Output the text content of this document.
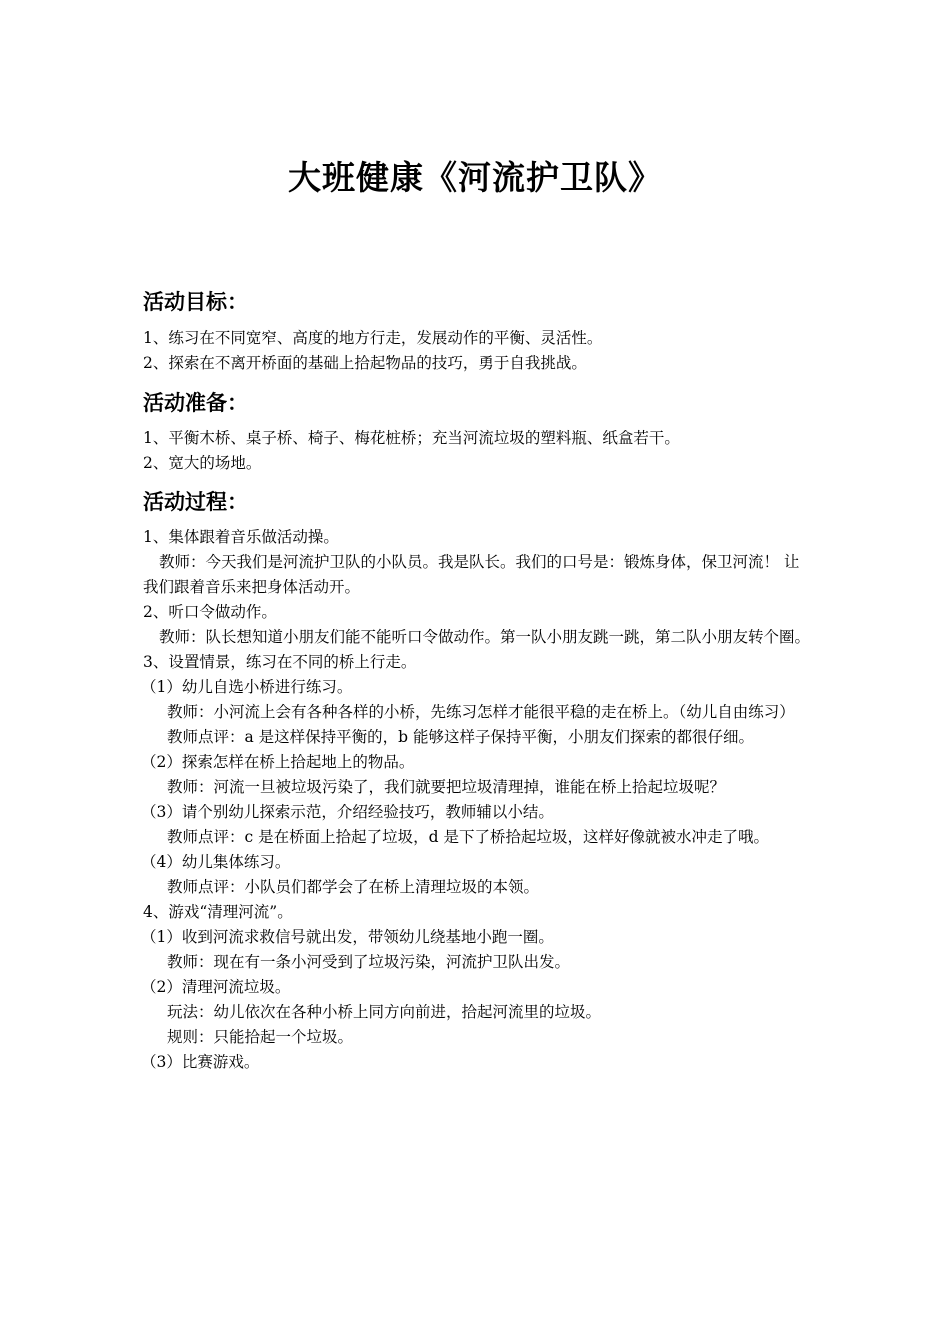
大班健康《河流护卫队》
活动目标：

1、练习在不同宽窄、高度的地方行走，发展动作的平衡、灵活性。

2、探索在不离开桥面的基础上拾起物品的技巧，勇于自我挑战。

活动准备：

1、平衡木桥、桌子桥、椅子、梅花桩桥；充当河流垃圾的塑料瓶、纸盒若干。

2、宽大的场地。

活动过程：

1、集体跟着音乐做活动操。

教师：今天我们是河流护卫队的小队员。我是队长。我们的口号是：锻炼身体，保卫河流！ 让我们跟着音乐来把身体活动开。

2、听口令做动作。

教师：队长想知道小朋友们能不能听口令做动作。第一队小朋友跳一跳，第二队小朋友转个圈。

3、设置情景，练习在不同的桥上行走。

（1）幼儿自选小桥进行练习。

教师：小河流上会有各种各样的小桥，先练习怎样才能很平稳的走在桥上。（幼儿自由练习）

教师点评：a 是这样保持平衡的，b 能够这样子保持平衡，小朋友们探索的都很仔细。

（2）探索怎样在桥上拾起地上的物品。

教师：河流一旦被垃圾污染了，我们就要把垃圾清理掉，谁能在桥上拾起垃圾呢？

（3）请个别幼儿探索示范，介绍经验技巧，教师辅以小结。

教师点评：c 是在桥面上拾起了垃圾，d 是下了桥拾起垃圾，这样好像就被水冲走了哦。

（4）幼儿集体练习。

教师点评：小队员们都学会了在桥上清理垃圾的本领。

4、游戏“清理河流”。

（1）收到河流求救信号就出发，带领幼儿绕基地小跑一圈。

教师：现在有一条小河受到了垃圾污染，河流护卫队出发。

（2）清理河流垃圾。

玩法：幼儿依次在各种小桥上同方向前进，拾起河流里的垃圾。

规则：只能拾起一个垃圾。

（3）比赛游戏。
